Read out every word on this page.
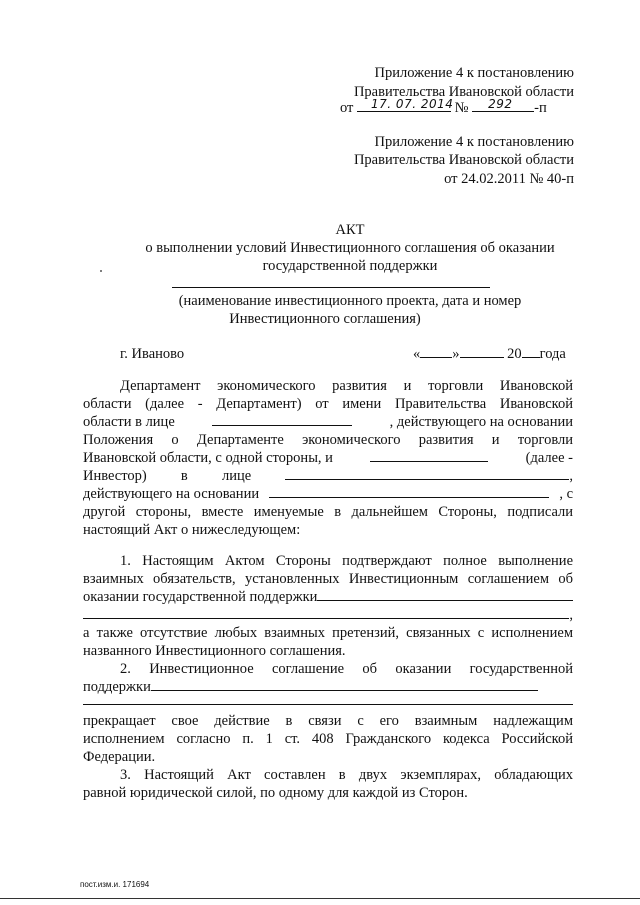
Приложение 4 к постановлению
Правительства Ивановской области
от 17. 07. 2014 № 292 -п
Приложение 4 к постановлению
Правительства Ивановской области
от 24.02.2011 № 40-п
АКТ
о выполнении условий Инвестиционного соглашения об оказании
государственной поддержки
(наименование инвестиционного проекта, дата и номер
Инвестиционного соглашения)
г. Иваново	« »	20 года
Департамент экономического развития и торговли Ивановской
области (далее - Департамент) от имени Правительства Ивановской
области в лице	, действующего на основании
Положения о Департаменте экономического развития и торговли
Ивановской области, с одной стороны, и	(далее -
Инвестор) в лице	,
действующего на основании	, с
другой стороны, вместе именуемые в дальнейшем Стороны, подписали
настоящий Акт о нижеследующем:
1. Настоящим Актом Стороны подтверждают полное выполнение
взаимных обязательств, установленных Инвестиционным соглашением об
оказании государственной поддержки
,
а также отсутствие любых взаимных претензий, связанных с исполнением
названного Инвестиционного соглашения.
2. Инвестиционное соглашение об оказании государственной
поддержки
прекращает свое действие в связи с его взаимным надлежащим
исполнением согласно п. 1 ст. 408 Гражданского кодекса Российской
Федерации.
3. Настоящий Акт составлен в двух экземплярах, обладающих
равной юридической силой, по одному для каждой из Сторон.
пост.изм.и. 171694
